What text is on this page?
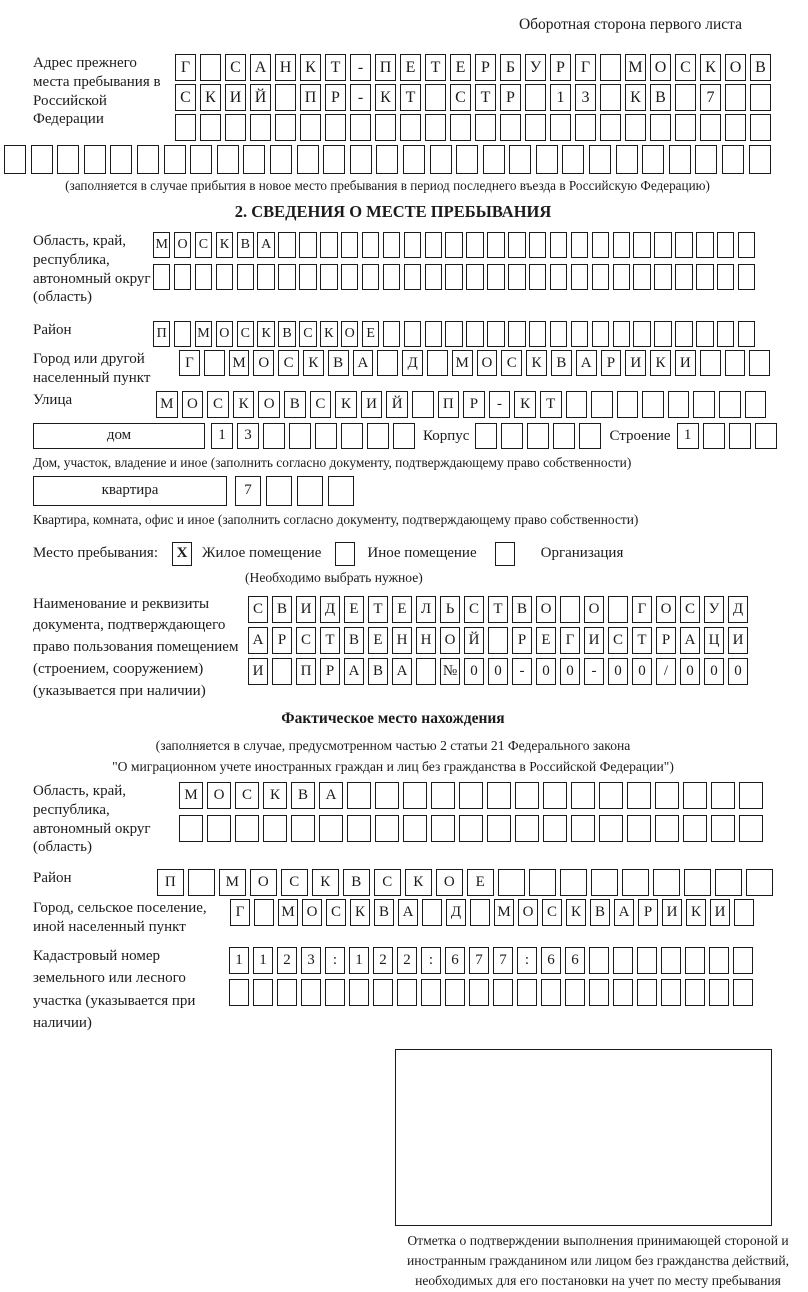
Оборотная сторона первого листа
Адрес прежнего места пребывания в Российской Федерации
Г	С А Н К Т	-	П Е Т Е Р Б У Р Г	М О С К О В
С К И Й П Р	-	К Т	С Т Р	1	3	К В	7
(заполняется в случае прибытия в новое место пребывания в период последнего въезда в Российскую Федерацию)
2. СВЕДЕНИЯ О МЕСТЕ ПРЕБЫВАНИЯ
Область, край, республика, автономный округ (область)
М О С К В А
Район	П М О С К В С К О Е
Город или другой населенный пункт
Г	М О С К В А	Д	М О С К В А	Р	И К И
Улица	М О	С	К	О	В	С	К	И Й	П	Р	-	К	Т
дом	1	3	Корпус	Строение 1
Дом, участок, владение и иное (заполнить согласно документу, подтверждающему право собственности)
квартира	7
Квартира, комната, офис и иное (заполнить согласно документу, подтверждающему право собственности)
Место пребывания:	X Жилое помещение	Иное помещение	Организация
(Необходимо выбрать нужное)
Наименование и реквизиты документа, подтверждающего право пользования помещением (строением, сооружением) (указывается при наличии)
С В И Д Е Т Е Л Ь С Т В О	О	Г О С У Д
А Р С Т В Е Н Н О Й	Р	Е	Г И С Т	Р А Ц И
И	П Р А В А	№ 0	0	-	0	0	-	0	0	/	0	0	0
Фактическое место нахождения
(заполняется в случае, предусмотренном частью 2 статьи 21 Федерального закона
"О миграционном учете иностранных граждан и лиц без гражданства в Российской Федерации")
Область, край, республика, автономный округ (область)
М	О	С	К	В	А
Район	П	М	О	С	К	В	С	К	О	Е
Город, сельское поселение, иной населенный пункт
Г	М О С К В А	Д	М О С К В А Р И К И
Кадастровый номер земельного или лесного участка (указывается при наличии)
1	1	2	3	:	1	2	2	:	6	7	7	:	6	6
Отметка о подтверждении выполнения принимающей стороной и иностранным гражданином или лицом без гражданства действий, необходимых для его постановки на учет по месту пребывания
